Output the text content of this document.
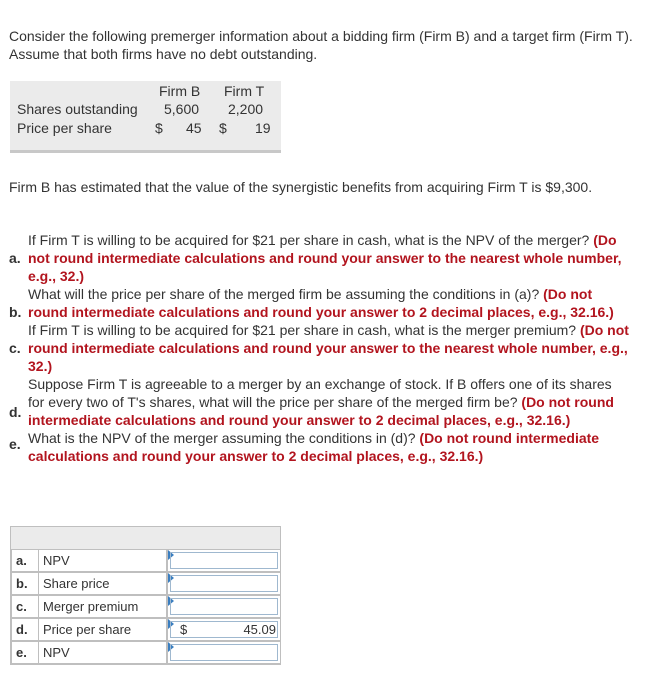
Consider the following premerger information about a bidding firm (Firm B) and a target firm (Firm T). Assume that both firms have no debt outstanding.
Firm B Firm T
Shares outstanding 5,600 2,200
Price per share	$ 45 $ 19
Firm B has estimated that the value of the synergistic benefits from acquiring Firm T is $9,300.
a.
If Firm T is willing to be acquired for $21 per share in cash, what is the NPV of the merger? (Do not round intermediate calculations and round your answer to the nearest whole number, e.g., 32.)
b.
What will the price per share of the merged firm be assuming the conditions in (a)? (Do not round intermediate calculations and round your answer to 2 decimal places, e.g., 32.16.)
c.
If Firm T is willing to be acquired for $21 per share in cash, what is the merger premium? (Do not round intermediate calculations and round your answer to the nearest whole number, e.g., 32.)
d.
Suppose Firm T is agreeable to a merger by an exchange of stock. If B offers one of its shares for every two of T's shares, what will the price per share of the merged firm be? (Do not round intermediate calculations and round your answer to 2 decimal places, e.g., 32.16.)
e. What is the NPV of the merger assuming the conditions in (d)? (Do not round intermediate calculations and round your answer to 2 decimal places, e.g., 32.16.)
a. NPV
b. Share price
c. Merger premium
d. Price per share	$	45.09
e. NPV
